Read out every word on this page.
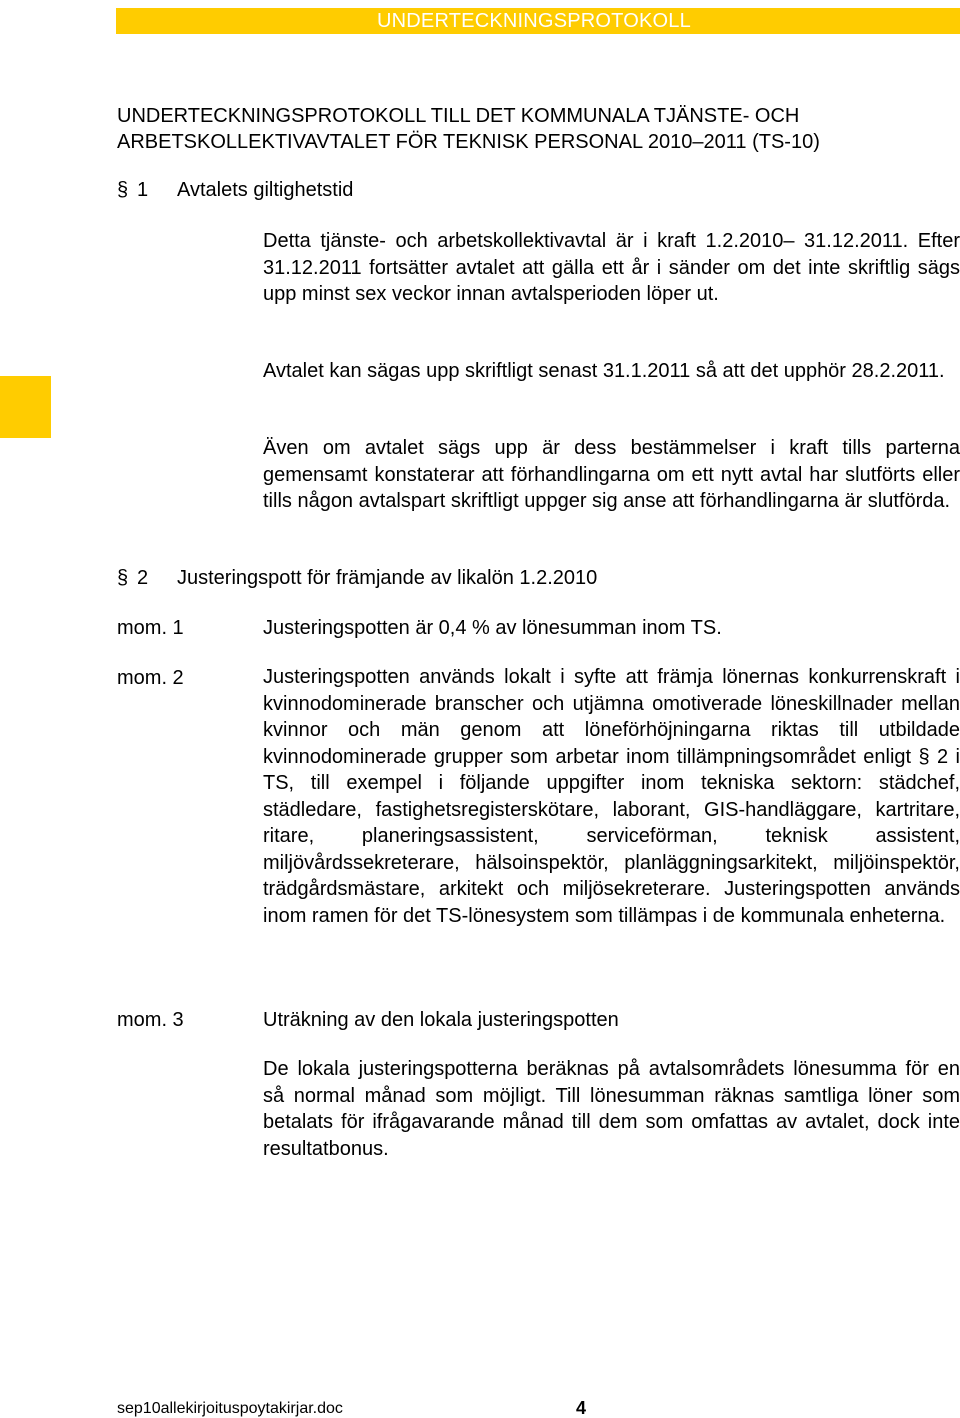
UNDERTECKNINGSPROTOKOLL
UNDERTECKNINGSPROTOKOLL TILL DET KOMMUNALA TJÄNSTE- OCH ARBETSKOLLEKTIVAVTALET FÖR TEKNISK PERSONAL 2010–2011 (TS-10)
§ 1 Avtalets giltighetstid
Detta tjänste- och arbetskollektivavtal är i kraft 1.2.2010– 31.12.2011. Efter 31.12.2011 fortsätter avtalet att gälla ett år i sänder om det inte skriftlig sägs upp minst sex veckor innan avtalsperioden löper ut.
Avtalet kan sägas upp skriftligt senast 31.1.2011 så att det upphör 28.2.2011.
Även om avtalet sägs upp är dess bestämmelser i kraft tills parterna gemensamt konstaterar att förhandlingarna om ett nytt avtal har slutförts eller tills någon avtalspart skriftligt uppger sig anse att förhandlingarna är slutförda.
§ 2 Justeringspott för främjande av likalön 1.2.2010
mom. 1	Justeringspotten är 0,4 % av lönesumman inom TS.
mom. 2	Justeringspotten används lokalt i syfte att främja lönernas konkurrenskraft i kvinnodominerade branscher och utjämna omotiverade löneskillnader mellan kvinnor och män genom att löneförhöjningarna riktas till utbildade kvinnodominerade grupper som arbetar inom tillämpningsområdet enligt § 2 i TS, till exempel i följande uppgifter inom tekniska sektorn: städchef, städledare, fastighetsregisterskötare, laborant, GIS-handläggare, kartritare, ritare, planeringsassistent, serviceförman, teknisk assistent, miljövårdssekreterare, hälsoinspektör, planläggningsarkitekt, miljöinspektör, trädgårdsmästare, arkitekt och miljösekreterare. Justeringspotten används inom ramen för det TS-lönesystem som tillämpas i de kommunala enheterna.
mom. 3	Uträkning av den lokala justeringspotten
De lokala justeringspotterna beräknas på avtalsområdets lönesumma för en så normal månad som möjligt. Till lönesumman räknas samtliga löner som betalats för ifrågavarande månad till dem som omfattas av avtalet, dock inte resultatbonus.
sep10allekirjoituspoytakirjar.doc	4
